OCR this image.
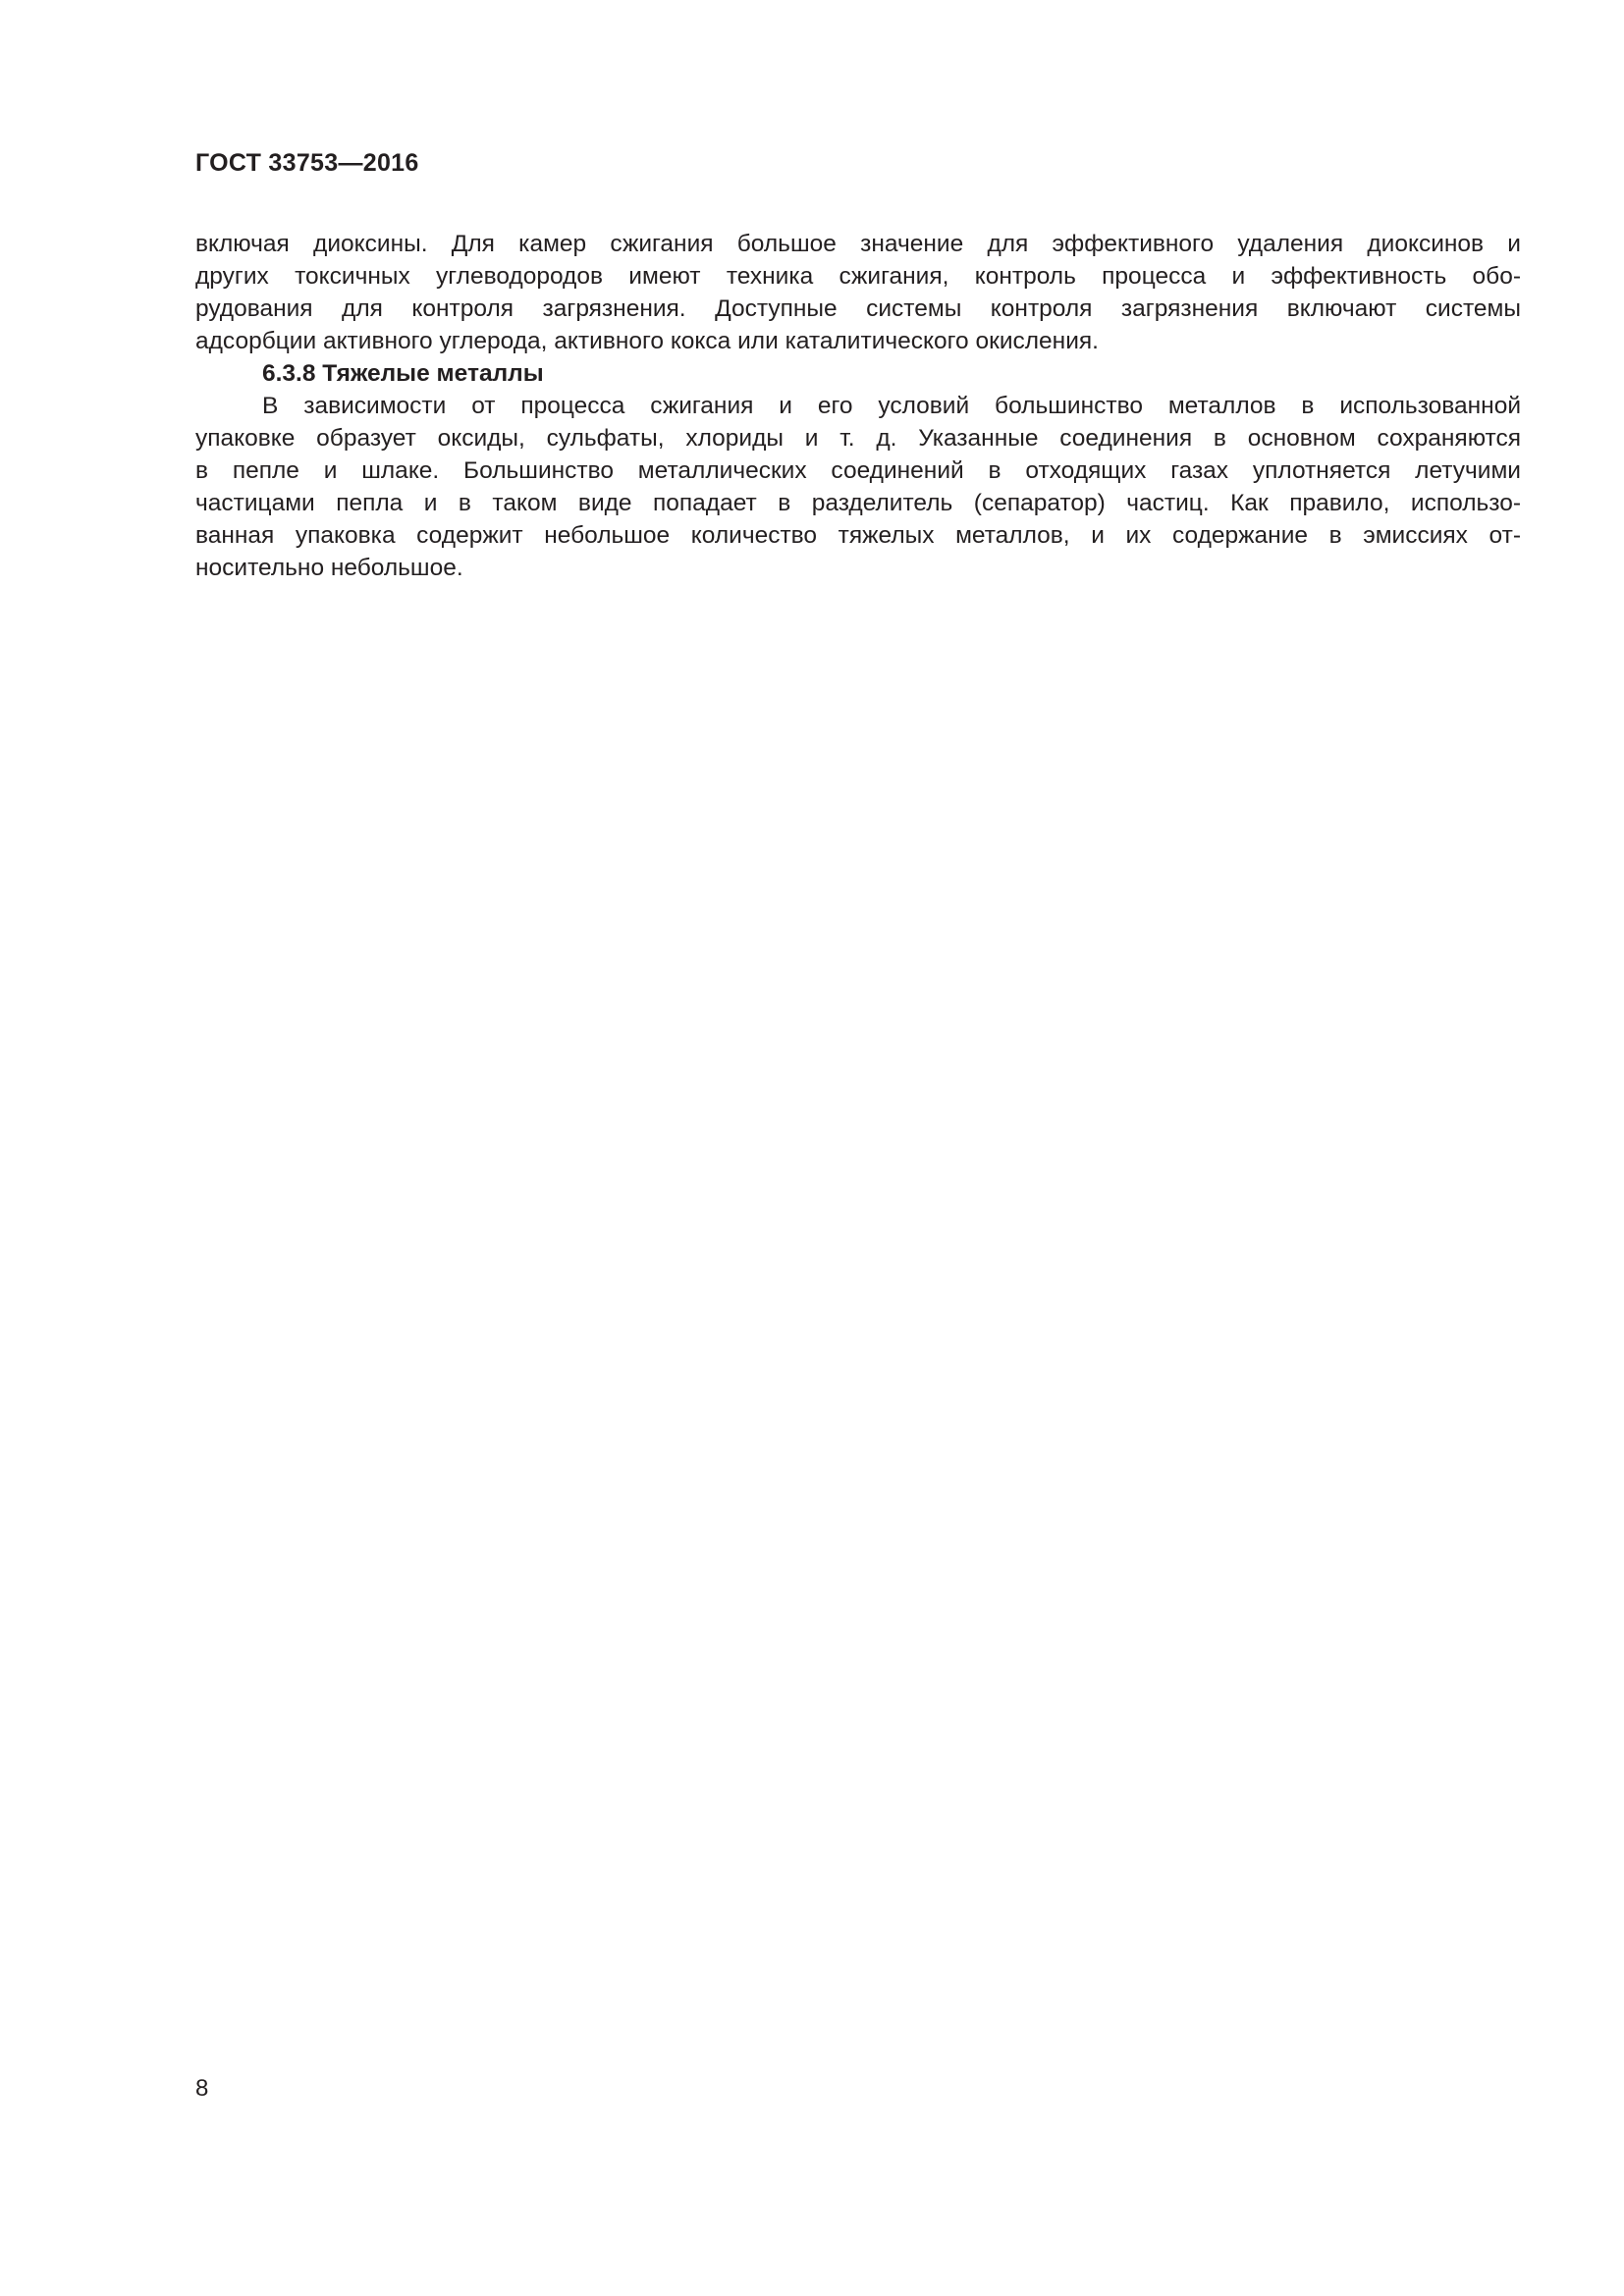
ГОСТ 33753—2016
включая диоксины. Для камер сжигания большое значение для эффективного удаления диоксинов и
других токсичных углеводородов имеют техника сжигания, контроль процесса и эффективность обо-
рудования для контроля загрязнения. Доступные системы контроля загрязнения включают системы
адсорбции активного углерода, активного кокса или каталитического окисления.
6.3.8 Тяжелые металлы
В зависимости от процесса сжигания и его условий большинство металлов в использованной
упаковке образует оксиды, сульфаты, хлориды и т. д. Указанные соединения в основном сохраняются
в пепле и шлаке. Большинство металлических соединений в отходящих газах уплотняется летучими
частицами пепла и в таком виде попадает в разделитель (сепаратор) частиц. Как правило, использо-
ванная упаковка содержит небольшое количество тяжелых металлов, и их содержание в эмиссиях от-
носительно небольшое.
8
